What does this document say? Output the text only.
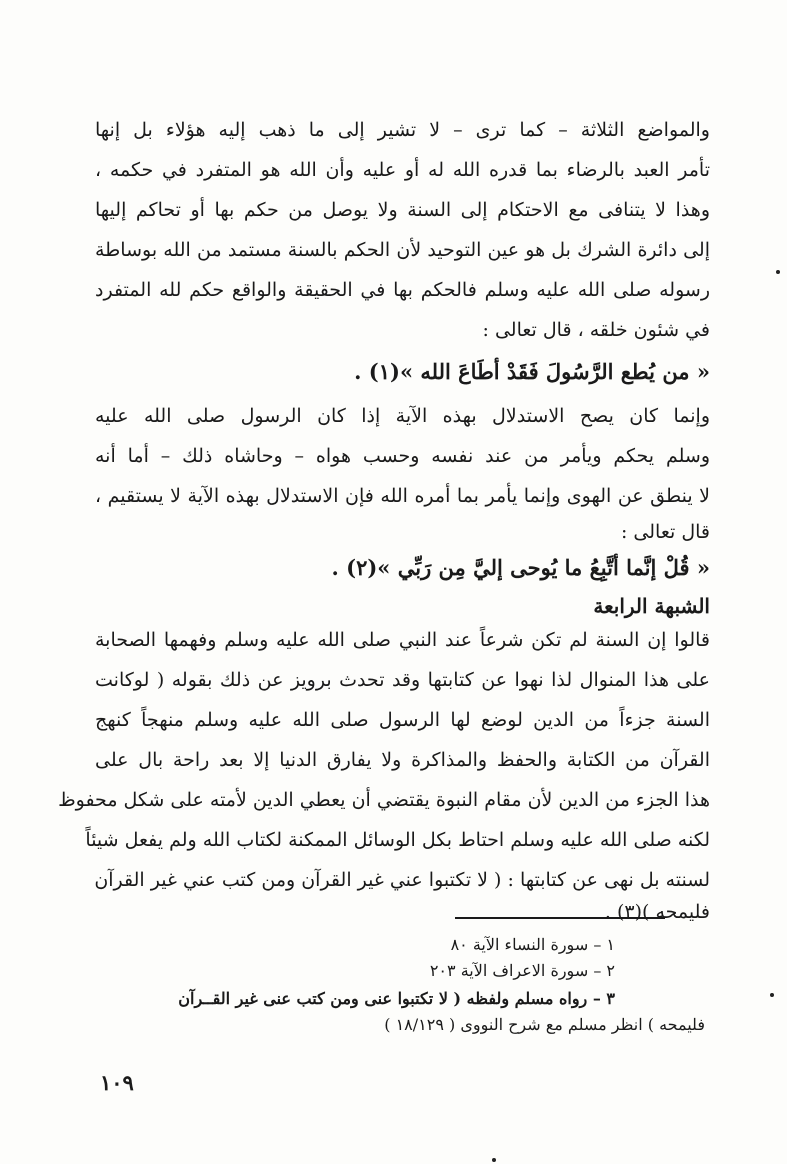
والمواضع الثلاثة – كما ترى – لا تشير إلى ما ذهب إليه هؤلاء بل إنها
تأمر العبد بالرضاء بما قدره الله له أو عليه وأن الله هو المتفرد في حكمه ،
وهذا لا يتنافى مع الاحتكام إلى السنة ولا يوصل من حكم بها أو تحاكم إليها
إلى دائرة الشرك بل هو عين التوحيد لأن الحكم بالسنة مستمد من الله بوساطة
رسوله صلى الله عليه وسلم فالحكم بها في الحقيقة والواقع حكم لله المتفرد
في شئون خلقه ، قال تعالى :
« من يُطع الرَّسُولَ فَقَدْ أطَاعَ الله »(١) .
وإنما كان يصح الاستدلال بهذه الآية إذا كان الرسول صلى الله عليه
وسلم يحكم ويأمر من عند نفسه وحسب هواه – وحاشاه ذلك – أما أنه
لا ينطق عن الهوى وإنما يأمر بما أمره الله فإن الاستدلال بهذه الآية لا يستقيم ،
قال تعالى :
« قُلْ إنَّما أتَّبِعُ ما يُوحى إليَّ مِن رَبِّي »(٢) .
الشبهة الرابعة
قالوا إن السنة لم تكن شرعاً عند النبي صلى الله عليه وسلم وفهمها الصحابة
على هذا المنوال لذا نهوا عن كتابتها وقد تحدث برويز عن ذلك بقوله ( لوكانت
السنة جزءاً من الدين لوضع لها الرسول صلى الله عليه وسلم منهجاً كنهج
القرآن من الكتابة والحفظ والمذاكرة ولا يفارق الدنيا إلا بعد راحة بال على
هذا الجزء من الدين لأن مقام النبوة يقتضي أن يعطي الدين لأمته على شكل محفوظ
لكنه صلى الله عليه وسلم احتاط بكل الوسائل الممكنة لكتاب الله ولم يفعل شيئاً
لسنته بل نهى عن كتابتها : ( لا تكتبوا عني غير القرآن ومن كتب عني غير القرآن
فليمحه )(٣) .
١ – سورة النساء الآية ٨٠
٢ – سورة الاعراف الآية ٢٠٣
٣ – رواه مسلم ولفظه ( لا تكتبوا عنى ومن كتب عنى غير القــرآن
فليمحه ) انظر مسلم مع شرح النووى ( ١٨/١٢٩ )
١٠٩
